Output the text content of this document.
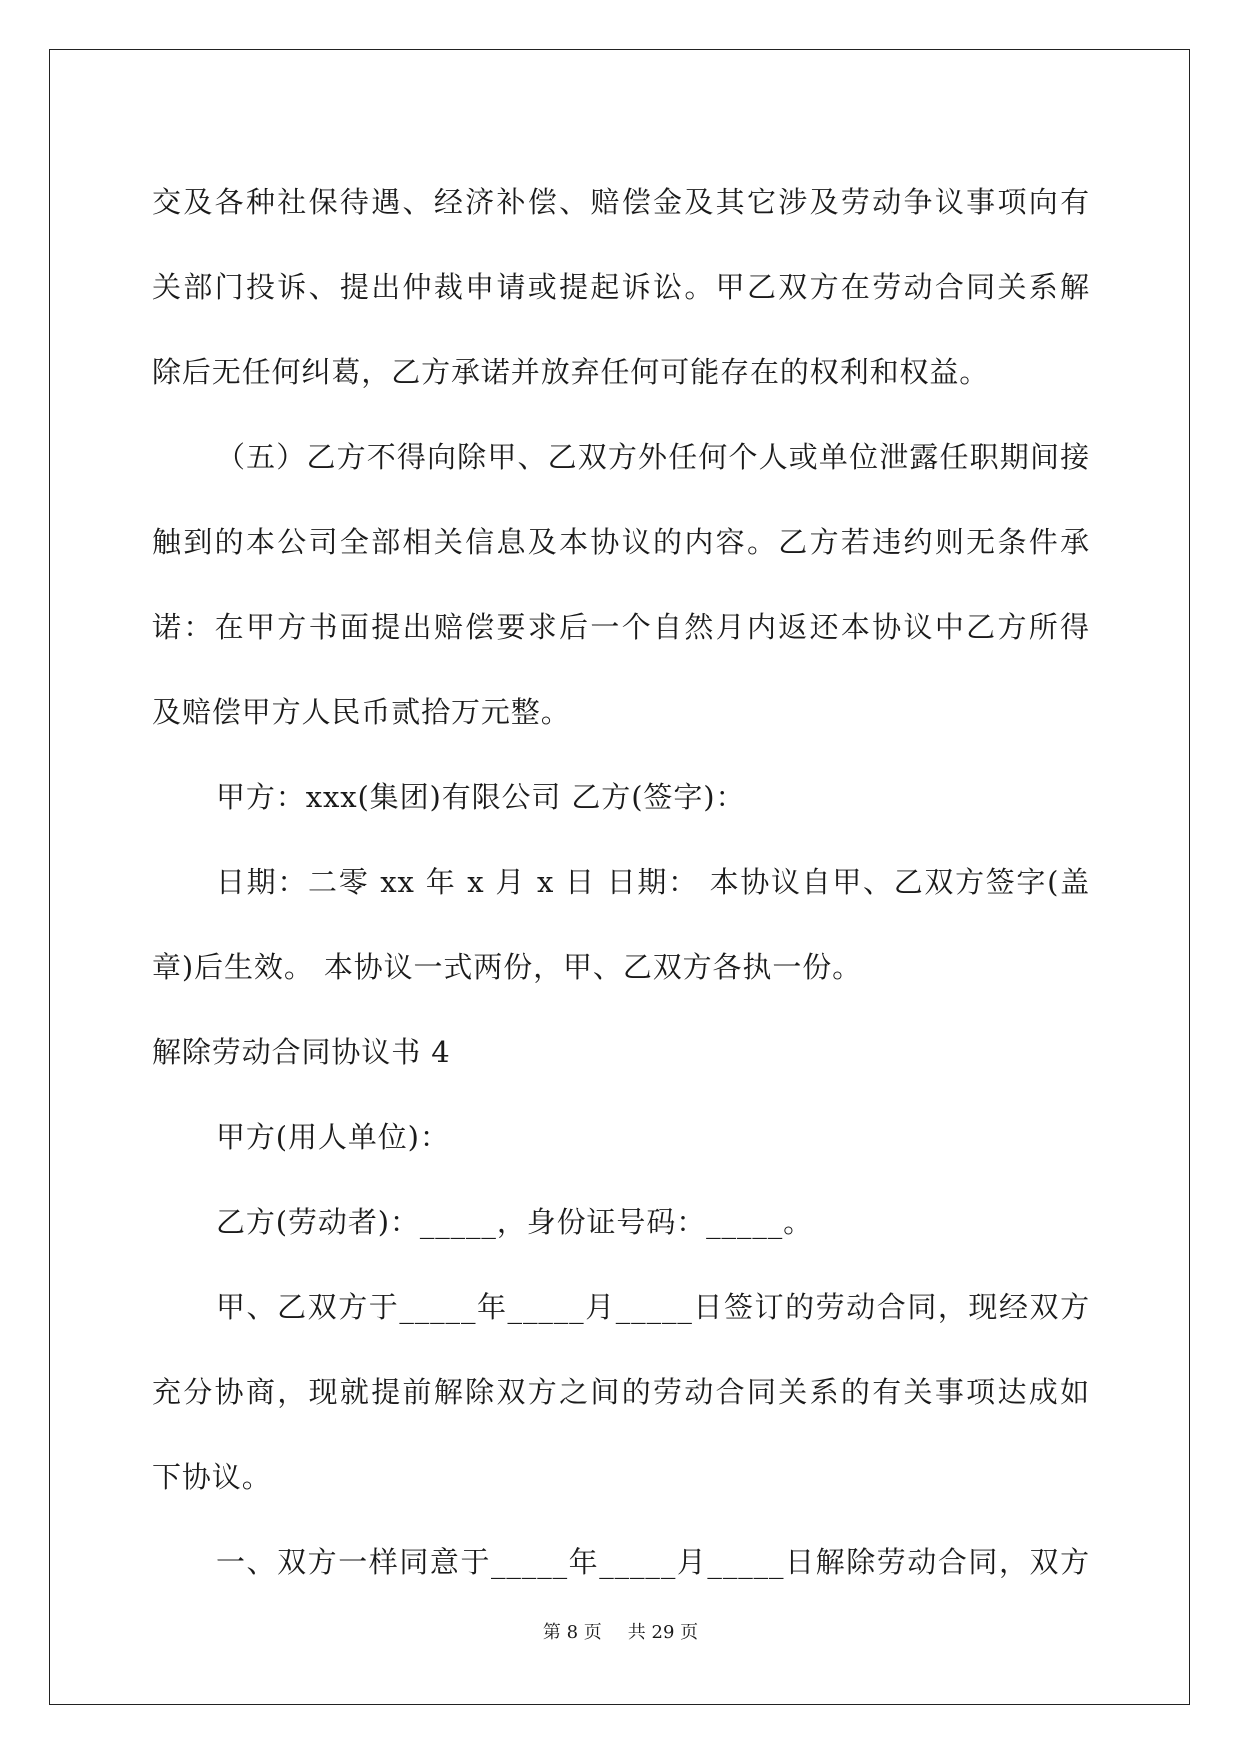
交及各种社保待遇、经济补偿、赔偿金及其它涉及劳动争议事项向有
关部门投诉、提出仲裁申请或提起诉讼。甲乙双方在劳动合同关系解
除后无任何纠葛，乙方承诺并放弃任何可能存在的权利和权益。
（五）乙方不得向除甲、乙双方外任何个人或单位泄露任职期间接
触到的本公司全部相关信息及本协议的内容。乙方若违约则无条件承
诺：在甲方书面提出赔偿要求后一个自然月内返还本协议中乙方所得
及赔偿甲方人民币贰拾万元整。
甲方：xxx(集团)有限公司 乙方(签字)：
日期：二零 xx 年 x 月 x 日 日期： 本协议自甲、乙双方签字(盖
章)后生效。 本协议一式两份，甲、乙双方各执一份。
解除劳动合同协议书 4
甲方(用人单位)：
乙方(劳动者)：_____，身份证号码：_____。
甲、乙双方于_____年_____月_____日签订的劳动合同，现经双方
充分协商，现就提前解除双方之间的劳动合同关系的有关事项达成如
下协议。
一、双方一样同意于_____年_____月_____日解除劳动合同，双方
第 8 页 共 29 页
